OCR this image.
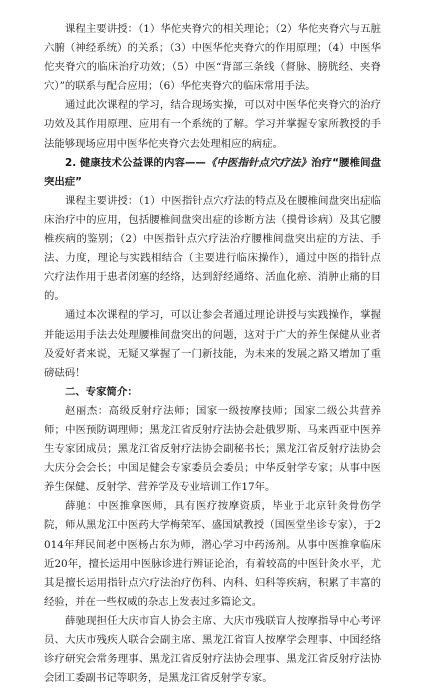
课程主要讲授：（1）华佗夹脊穴的相关理论；（2）华佗夹脊穴与五脏六腑（神经系统）的关系；（3）中医华佗夹脊穴的作用原理；（4）中医华佗夹脊穴的临床治疗功效；（5）中医“背部三条线（督脉、膀胱经、夹脊穴）”的联系与配合应用；（6）华佗夹脊穴的临床常用手法。

通过此次课程的学习，结合现场实操，可以对中医华佗夹脊穴的治疗功效及其作用原理、应用有一个系统的了解。学习并掌握专家所教授的手法能够现场应用中医华佗夹脊穴去处理相应的病症。

2. 健康技术公益课的内容——《中医指针点穴疗法》治疗“腰椎间盘突出症”

课程主要讲授：（1）中医指针点穴疗法的特点及在腰椎间盘突出症临床治疗中的应用，包括腰椎间盘突出症的诊断方法（摸骨诊病）及其它腰椎疾病的鉴别；（2）中医指针点穴疗法治疗腰椎间盘突出症的方法、手法、力度，理论与实践相结合（主要进行临床操作），通过中医的指针点穴疗法作用于患者闭塞的经络，达到舒经通络、活血化瘀、消肿止痛的目的。

通过本次课程的学习，可以让参会者通过理论讲授与实践操作，掌握并能运用手法去处理腰椎间盘突出的问题，这对于广大的养生保健从业者及爱好者来说，无疑又掌握了一门新技能，为未来的发展之路又增加了重磅砝码！

二、专家简介：

赵丽杰：高级反射疗法师；国家一级按摩技师；国家二级公共营养师；中医预防调理师；黑龙江省反射疗法协会赴俄罗斯、马来西亚中医养生专家团成员；黑龙江省反射疗法协会副秘书长；黑龙江省反射疗法协会大庆分会会长；中国足健会专家委员会委员；中华反射学专家；从事中医养生保健、反射学、营养学及专业培训工作17年。

薛驰：中医推拿医师，具有医疗按摩资质，毕业于北京针灸骨伤学院，师从黑龙江中医药大学梅荣军、盛国斌教授（国医堂坐诊专家），于2014年拜民间老中医杨占东为师，潜心学习中药汤剂。从事中医推拿临床近20年，擅长运用中医脉诊进行辨证论治，有着较高的中医针灸水平，尤其是擅长运用指针点穴疗法治疗伤科、内科、妇科等疾病，积累了丰富的经验，并在一些权威的杂志上发表过多篇论文。

薛驰现担任大庆市盲人协会主席、大庆市残联盲人按摩指导中心考评员、大庆市残疾人联合会副主席、黑龙江省盲人按摩学会理事、中国经络诊疗研究会常务理事、黑龙江省反射疗法协会理事、黑龙江省反射疗法协会团工委副书记等职务，是黑龙江省反射学专家。
